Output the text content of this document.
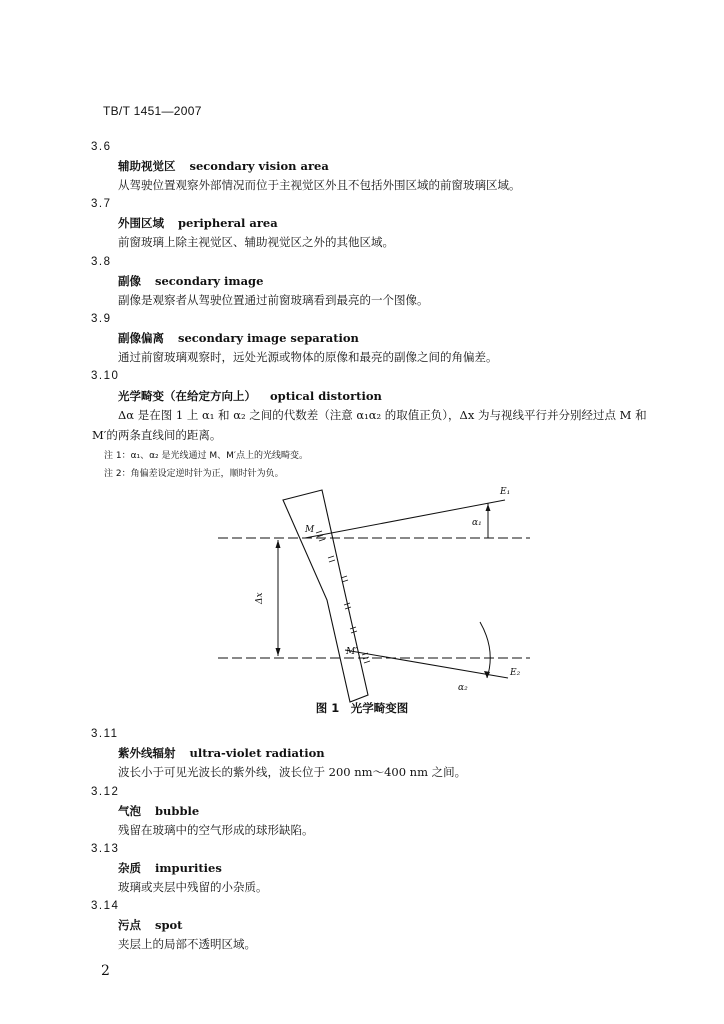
TB/T 1451—2007
3.6
辅助视觉区 secondary vision area
从驾驶位置观察外部情况而位于主视觉区外且不包括外围区域的前窗玻璃区域。
3.7
外围区域 peripheral area
前窗玻璃上除主视觉区、辅助视觉区之外的其他区域。
3.8
副像 secondary image
副像是观察者从驾驶位置通过前窗玻璃看到最亮的一个图像。
3.9
副像偏离 secondary image separation
通过前窗玻璃观察时，远处光源或物体的原像和最亮的副像之间的角偏差。
3.10
光学畸变（在给定方向上） optical distortion
Δα 是在图 1 上 α₁ 和 α₂ 之间的代数差（注意 α₁α₂ 的取值正负），Δx 为与视线平行并分别经过点 M 和 M′的两条直线间的距离。
注 1：α₁、α₂ 是光线通过 M、M′点上的光线畸变。
注 2：角偏差设定逆时针为正，顺时针为负。
M
M′
E₁
E₂
α₁
α₂
Δx
图 1　光学畸变图
3.11
紫外线辐射 ultra-violet radiation
波长小于可见光波长的紫外线，波长位于 200 nm～400 nm 之间。
3.12
气泡 bubble
残留在玻璃中的空气形成的球形缺陷。
3.13
杂质 impurities
玻璃或夹层中残留的小杂质。
3.14
污点 spot
夹层上的局部不透明区域。
2
